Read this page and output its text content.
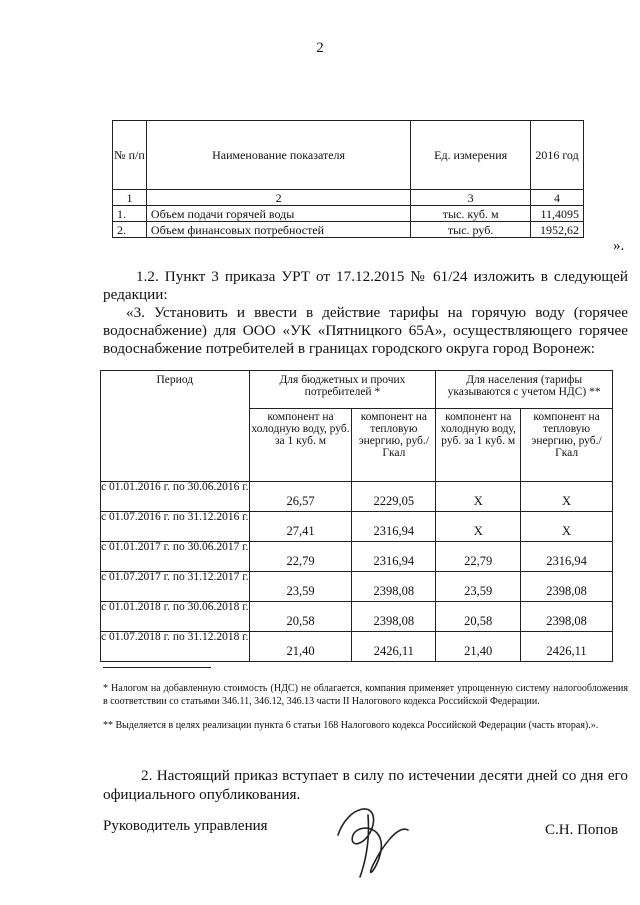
2
№ п/п	Наименование показателя	Ед. измерения	2016 год
1	2	3	4
1.	Объем подачи горячей воды	тыс. куб. м	11,4095
2.	Объем финансовых потребностей	тыс. руб.	1952,62
».
1.2. Пункт 3 приказа УРТ от 17.12.2015 № 61/24 изложить в следующей редакции:
«3. Установить и ввести в действие тарифы на горячую воду (горячее водоснабжение) для ООО «УК «Пятницкого 65А», осуществляющего горячее водоснабжение потребителей в границах городского округа город Воронеж:
Период	Для бюджетных и прочих потребителей *		Для населения (тарифы указываются с учетом НДС) **	
	компонент на холодную воду, руб. за 1 куб. м	компонент на тепловую энергию, руб./Гкал	компонент на холодную воду, руб. за 1 куб. м	компонент на тепловую энергию, руб./Гкал
с 01.01.2016 г. по 30.06.2016 г.	26,57	2229,05	X	X
с 01.07.2016 г. по 31.12.2016 г.	27,41	2316,94	X	X
с 01.01.2017 г. по 30.06.2017 г.	22,79	2316,94	22,79	2316,94
с 01.07.2017 г. по 31.12.2017 г.	23,59	2398,08	23,59	2398,08
с 01.01.2018 г. по 30.06.2018 г.	20,58	2398,08	20,58	2398,08
с 01.07.2018 г. по 31.12.2018 г.	21,40	2426,11	21,40	2426,11
* Налогом на добавленную стоимость (НДС) не облагается, компания применяет упрощенную систему налогообложения в соответствии со статьями 346.11, 346.12, 346.13 части II Налогового кодекса Российской Федерации.
** Выделяется в целях реализации пункта 6 статьи 168 Налогового кодекса Российской Федерации (часть вторая).».
2. Настоящий приказ вступает в силу по истечении десяти дней со дня его официального опубликования.
Руководитель управления	С.Н. Попов
